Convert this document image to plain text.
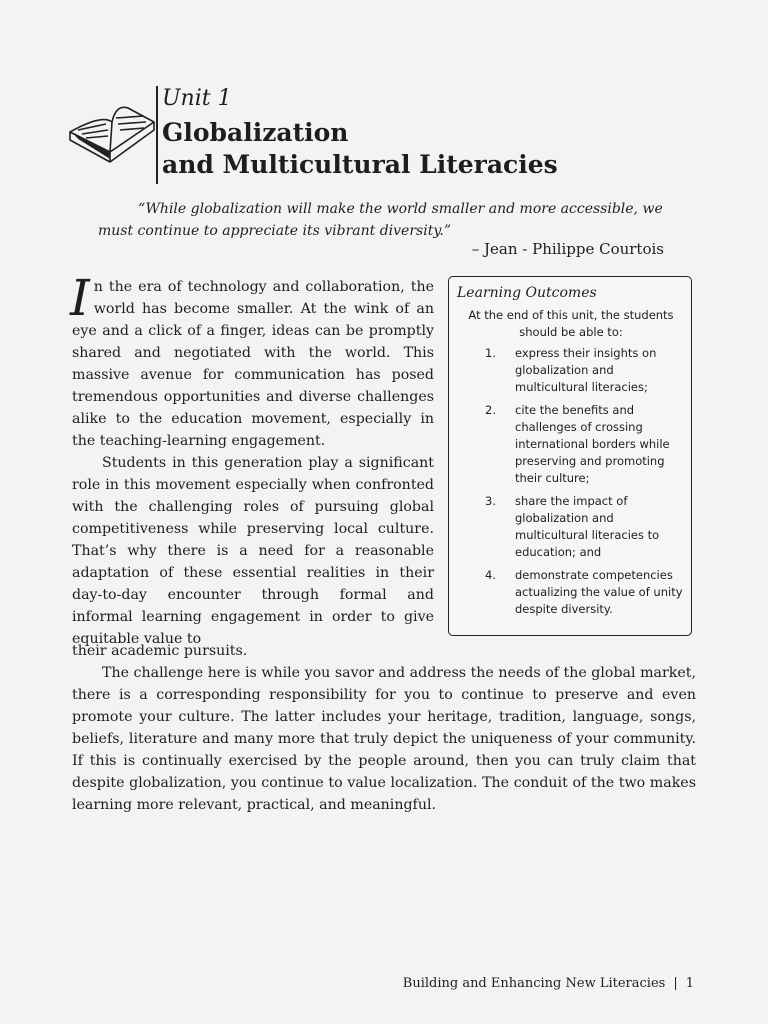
Unit 1
Globalization
and Multicultural Literacies
“While globalization will make the world smaller and more accessible, we
must continue to appreciate its vibrant diversity.”
– Jean - Philippe Courtois

In the era of technology and collaboration, the world has become smaller. At the wink of an eye and a click of a finger, ideas can be promptly shared and negotiated with the world. This massive avenue for communication has posed tremendous opportunities and diverse challenges alike to the education movement, especially in the teaching-learning engagement.

Students in this generation play a significant role in this movement especially when confronted with the challenging roles of pursuing global competitiveness while preserving local culture. That’s why there is a need for a reasonable adaptation of these essential realities in their day-to-day encounter through formal and informal learning engagement in order to give equitable value to

their academic pursuits.

The challenge here is while you savor and address the needs of the global market, there is a corresponding responsibility for you to continue to preserve and even promote your culture. The latter includes your heritage, tradition, language, songs, beliefs, literature and many more that truly depict the uniqueness of your community. If this is continually exercised by the people around, then you can truly claim that despite globalization, you continue to value localization. The conduit of the two makes learning more relevant, practical, and meaningful.

Learning Outcomes
At the end of this unit, the students should be able to:
1.	express their insights on globalization and multicultural literacies;
2.	cite the benefits and challenges of crossing international borders while preserving and promoting their culture;
3.	share the impact of globalization and multicultural literacies to education; and
4.	demonstrate competencies actualizing the value of unity despite diversity.
Building and Enhancing New Literacies | 1
